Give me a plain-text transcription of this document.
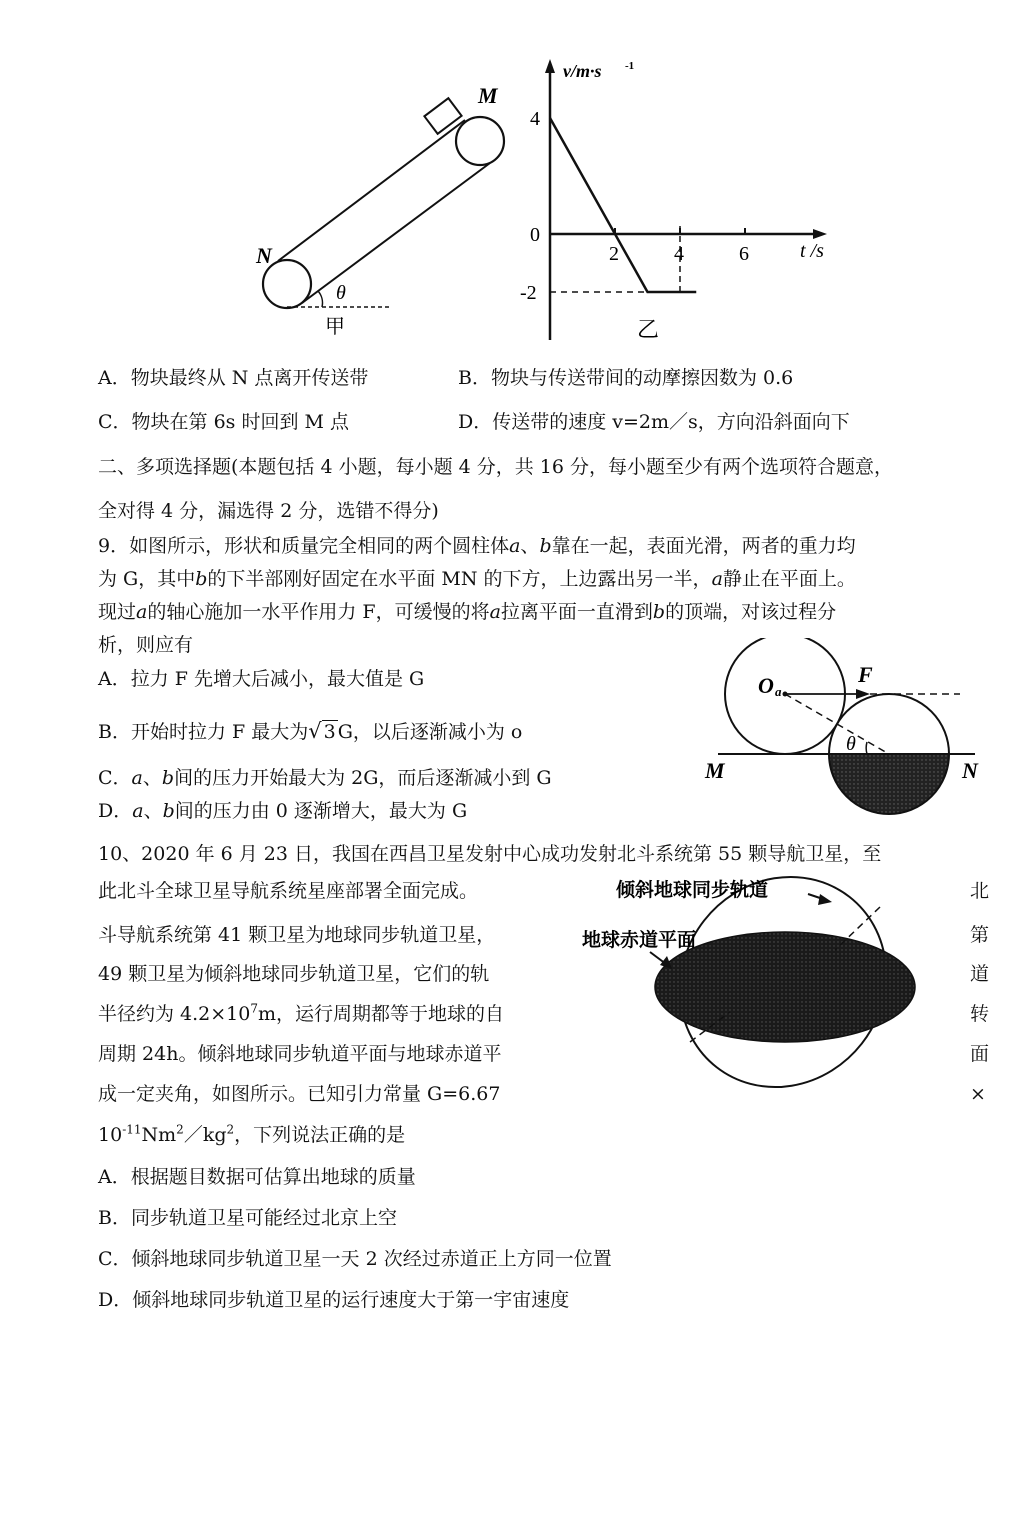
M
N
θ
甲
v/m·s -1
t /s
2	4	6
4
0
-2
乙
A．物块最终从 N 点离开传送带	B．物块与传送带间的动摩擦因数为 0.6
C．物块在第 6s 时回到 M 点	D．传送带的速度 v=2m／s，方向沿斜面向下
二、多项选择题(本题包括 4 小题，每小题 4 分，共 16 分，每小题至少有两个选项符合题意，
全对得 4 分，漏选得 2 分，选错不得分)
9．如图所示，形状和质量完全相同的两个圆柱体a、b靠在一起，表面光滑，两者的重力均
为 G，其中b的下半部刚好固定在水平面 MN 的下方，上边露出另一半，a静止在平面上。
现过a的轴心施加一水平作用力 F，可缓慢的将a拉离平面一直滑到b的顶端，对该过程分
析，则应有
A．拉力 F 先增大后减小，最大值是 G
B．开始时拉力 F 最大为√ 3 G，以后逐渐减小为 o
C．a、b间的压力开始最大为 2G，而后逐渐减小到 G
D．a、b间的压力由 0 逐渐增大，最大为 G
O a
F
θ
M	N
10、2020 年 6 月 23 日，我国在西昌卫星发射中心成功发射北斗系统第 55 颗导航卫星，至
此北斗全球卫星导航系统星座部署全面完成。	北
斗导航系统第 41 颗卫星为地球同步轨道卫星，	第
49 颗卫星为倾斜地球同步轨道卫星，它们的轨	道
半径约为 $4.2\times 10^7m$，运行周期都等于地球的自	转
周期 24h。倾斜地球同步轨道平面与地球赤道平	面
成一定夹角，如图所示。已知引力常量 G=6.67	×
$10^{-11}Nm^2/kg^2$，下列说法正确的是
A．根据题目数据可估算出地球的质量
B．同步轨道卫星可能经过北京上空
C．倾斜地球同步轨道卫星一天 2 次经过赤道正上方同一位置
D．倾斜地球同步轨道卫星的运行速度大于第一宇宙速度
倾斜地球同步轨道
地球赤道平面
